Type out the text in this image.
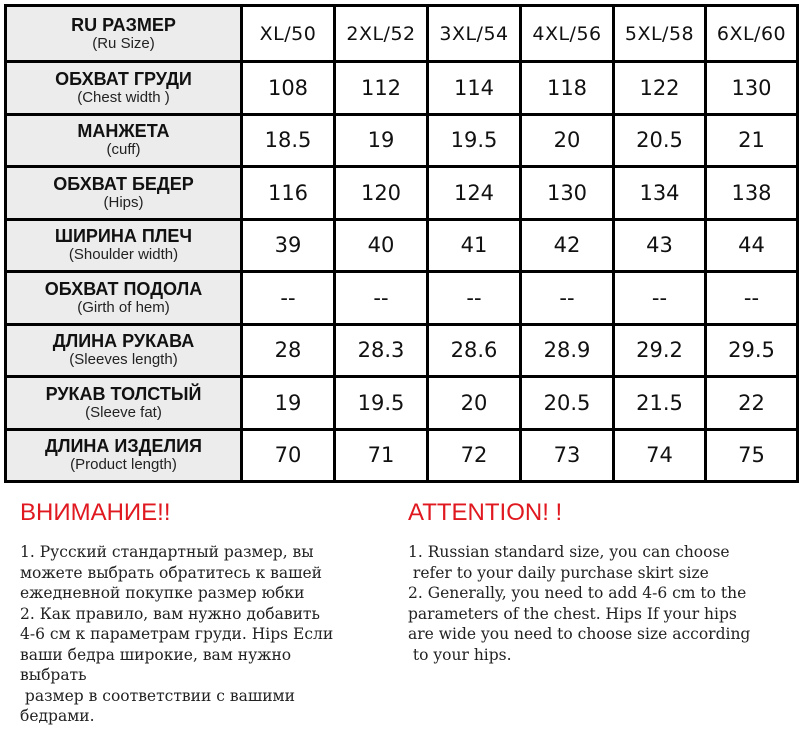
RU РАЗМЕР
(Ru Size)	XL/50	2XL/52	3XL/54	4XL/56	5XL/58	6XL/60

ОБХВАТ ГРУДИ
(Chest width )	108	112	114	118	122	130

МАНЖЕТА
(cuff)	18.5	19	19.5	20	20.5	21

ОБХВАТ БЕДЕР
(Hips)	116	120	124	130	134	138

ШИРИНА ПЛЕЧ
(Shoulder width)	39	40	41	42	43	44

ОБХВАТ ПОДОЛА
(Girth of hem)	--	--	--	--	--	--

ДЛИНА РУКАВА
(Sleeves length)	28	28.3	28.6	28.9	29.2	29.5

РУКАВ ТОЛСТЫЙ
(Sleeve fat)	19	19.5	20	20.5	21.5	22

ДЛИНА ИЗДЕЛИЯ
(Product length)	70	71	72	73	74	75
ВНИМАНИЕ!!
1. Русский стандартный размер, вы
можете выбрать обратитесь к вашей
ежедневной покупке размер юбки
2. Как правило, вам нужно добавить
4-6 см к параметрам груди. Hips Если
ваши бедра широкие, вам нужно
выбрать
размер в соответствии с вашими
бедрами.
ATTENTION! !
1. Russian standard size, you can choose
refer to your daily purchase skirt size
2. Generally, you need to add 4-6 cm to the
parameters of the chest. Hips If your hips
are wide you need to choose size according
to your hips.
